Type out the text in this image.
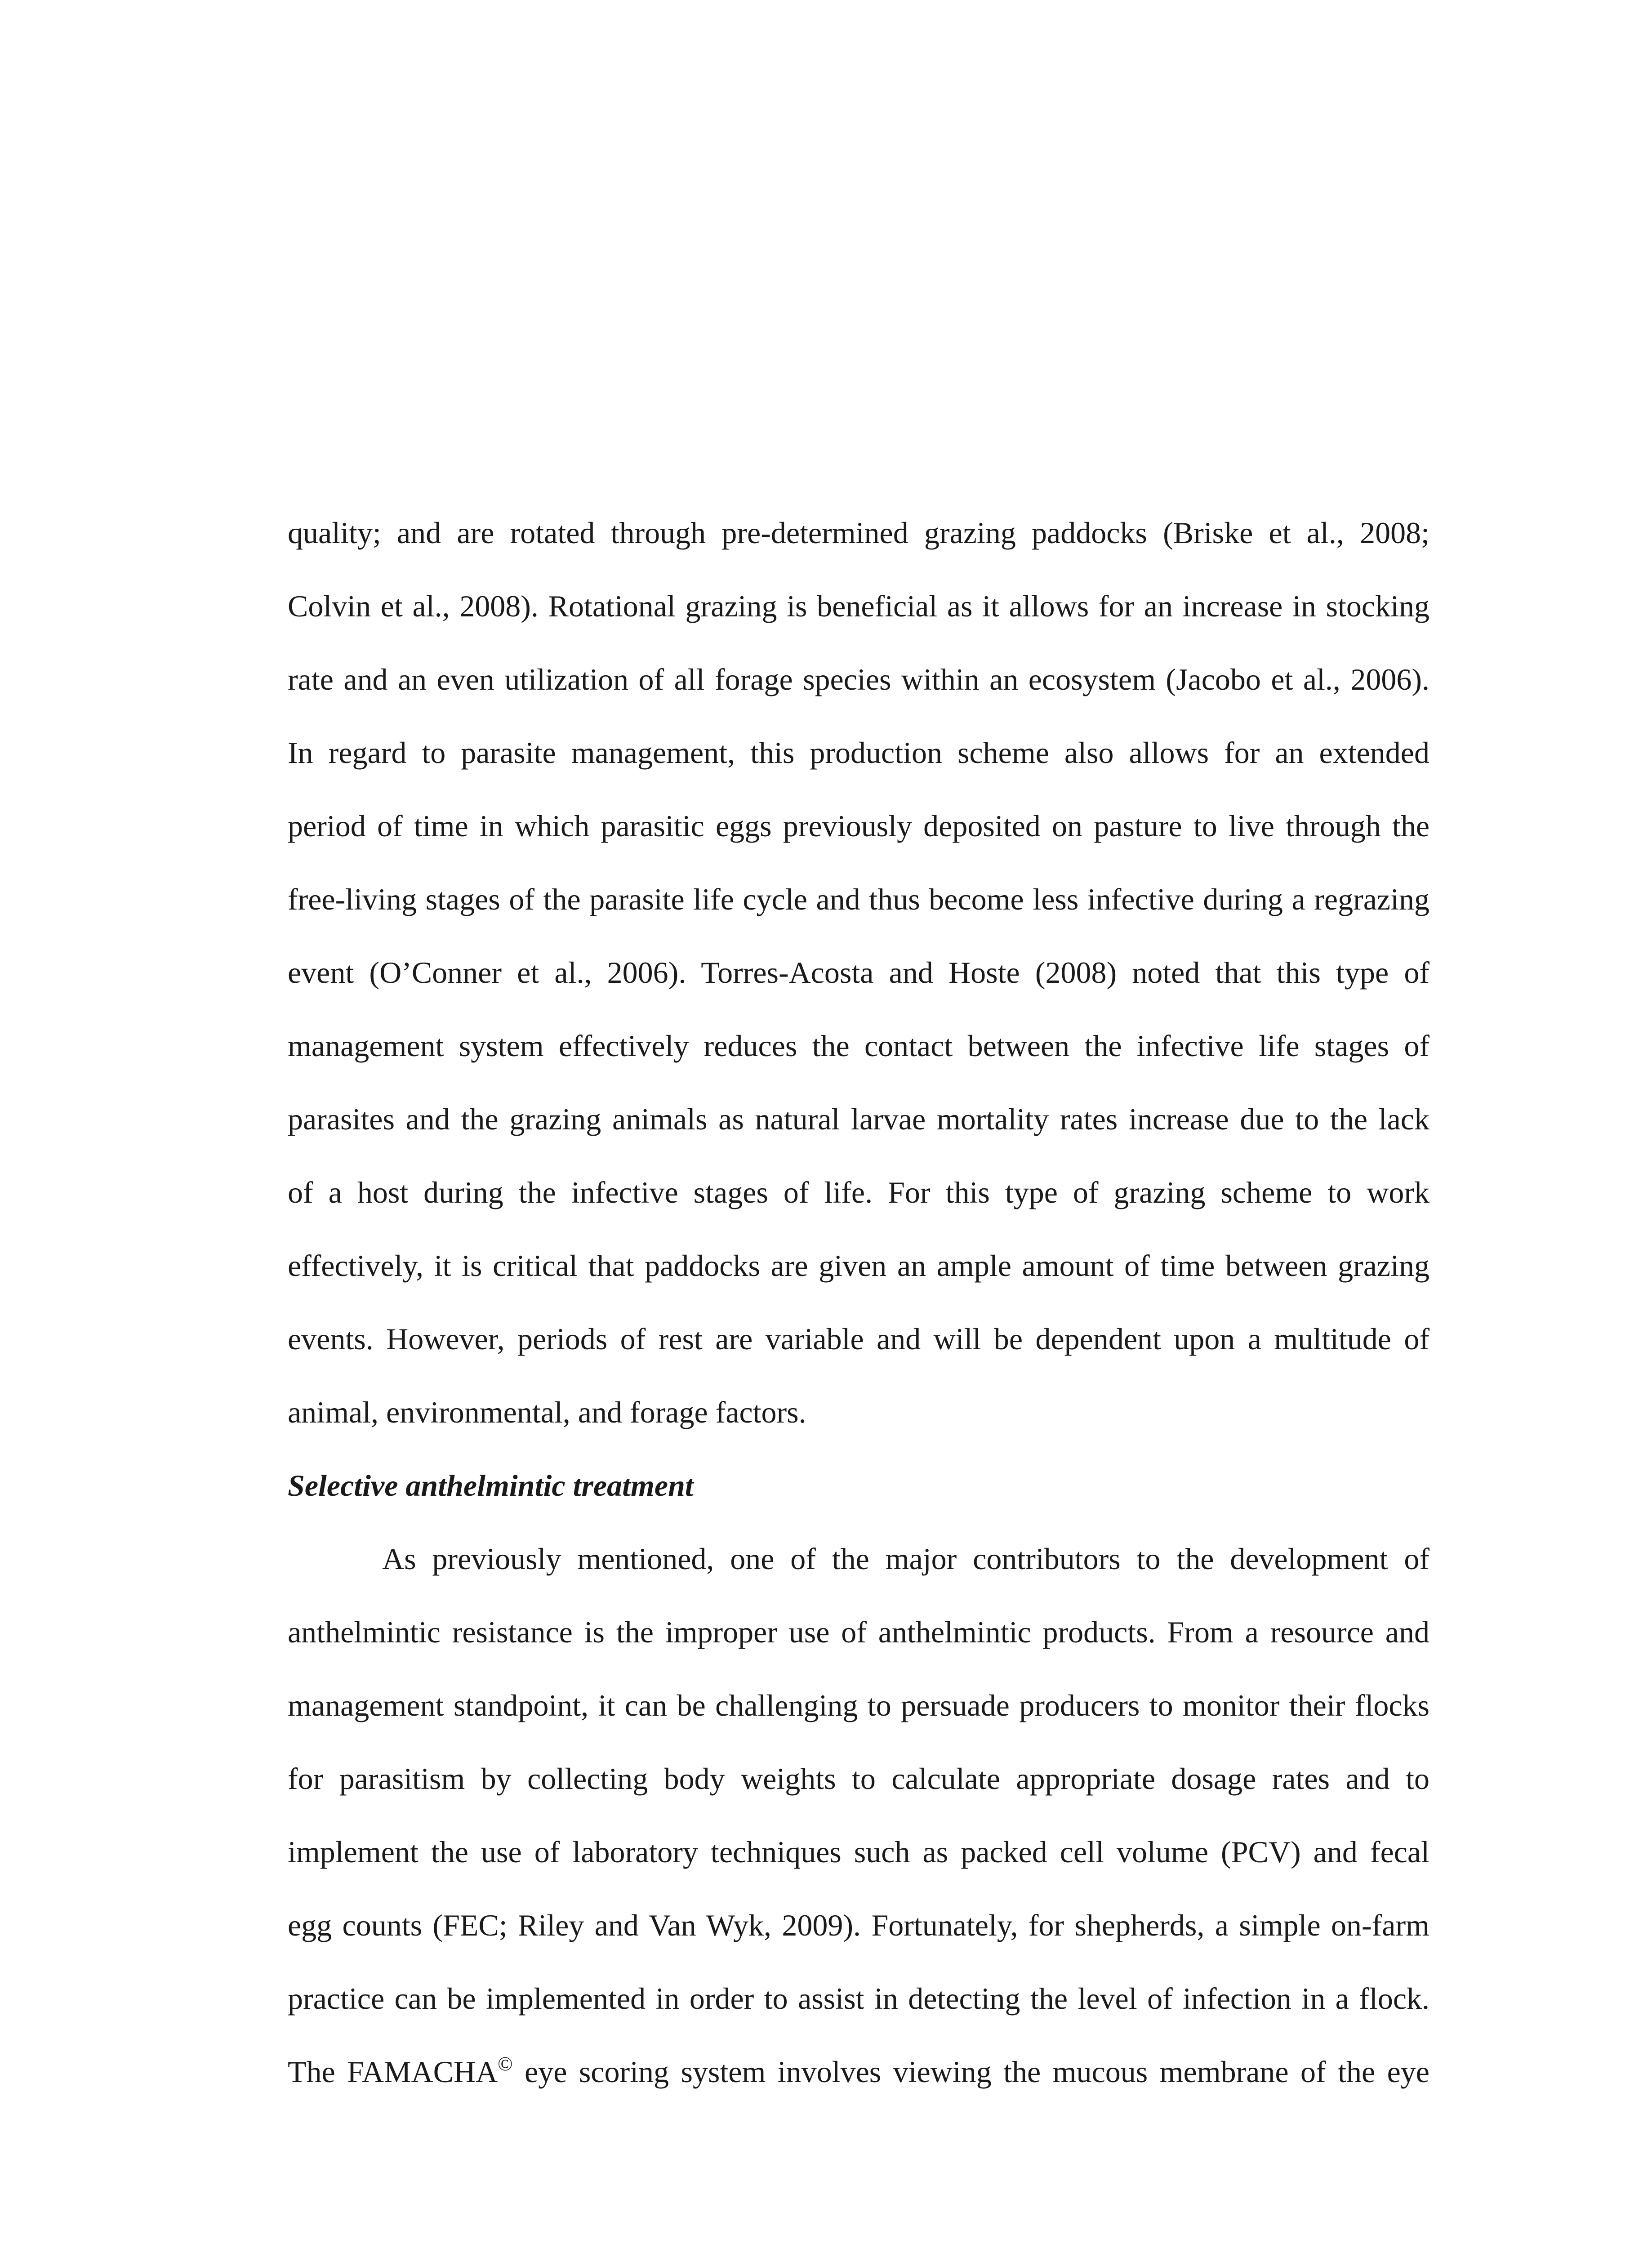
quality; and are rotated through pre-determined grazing paddocks (Briske et al., 2008;
Colvin et al., 2008). Rotational grazing is beneficial as it allows for an increase in stocking
rate and an even utilization of all forage species within an ecosystem (Jacobo et al., 2006).
In regard to parasite management, this production scheme also allows for an extended
period of time in which parasitic eggs previously deposited on pasture to live through the
free-living stages of the parasite life cycle and thus become less infective during a regrazing
event (O’Conner et al., 2006). Torres-Acosta and Hoste (2008) noted that this type of
management system effectively reduces the contact between the infective life stages of
parasites and the grazing animals as natural larvae mortality rates increase due to the lack
of a host during the infective stages of life. For this type of grazing scheme to work
effectively, it is critical that paddocks are given an ample amount of time between grazing
events. However, periods of rest are variable and will be dependent upon a multitude of
animal, environmental, and forage factors.
Selective anthelmintic treatment
As previously mentioned, one of the major contributors to the development of
anthelmintic resistance is the improper use of anthelmintic products. From a resource and
management standpoint, it can be challenging to persuade producers to monitor their flocks
for parasitism by collecting body weights to calculate appropriate dosage rates and to
implement the use of laboratory techniques such as packed cell volume (PCV) and fecal
egg counts (FEC; Riley and Van Wyk, 2009). Fortunately, for shepherds, a simple on-farm
practice can be implemented in order to assist in detecting the level of infection in a flock.
The FAMACHA© eye scoring system involves viewing the mucous membrane of the eye
